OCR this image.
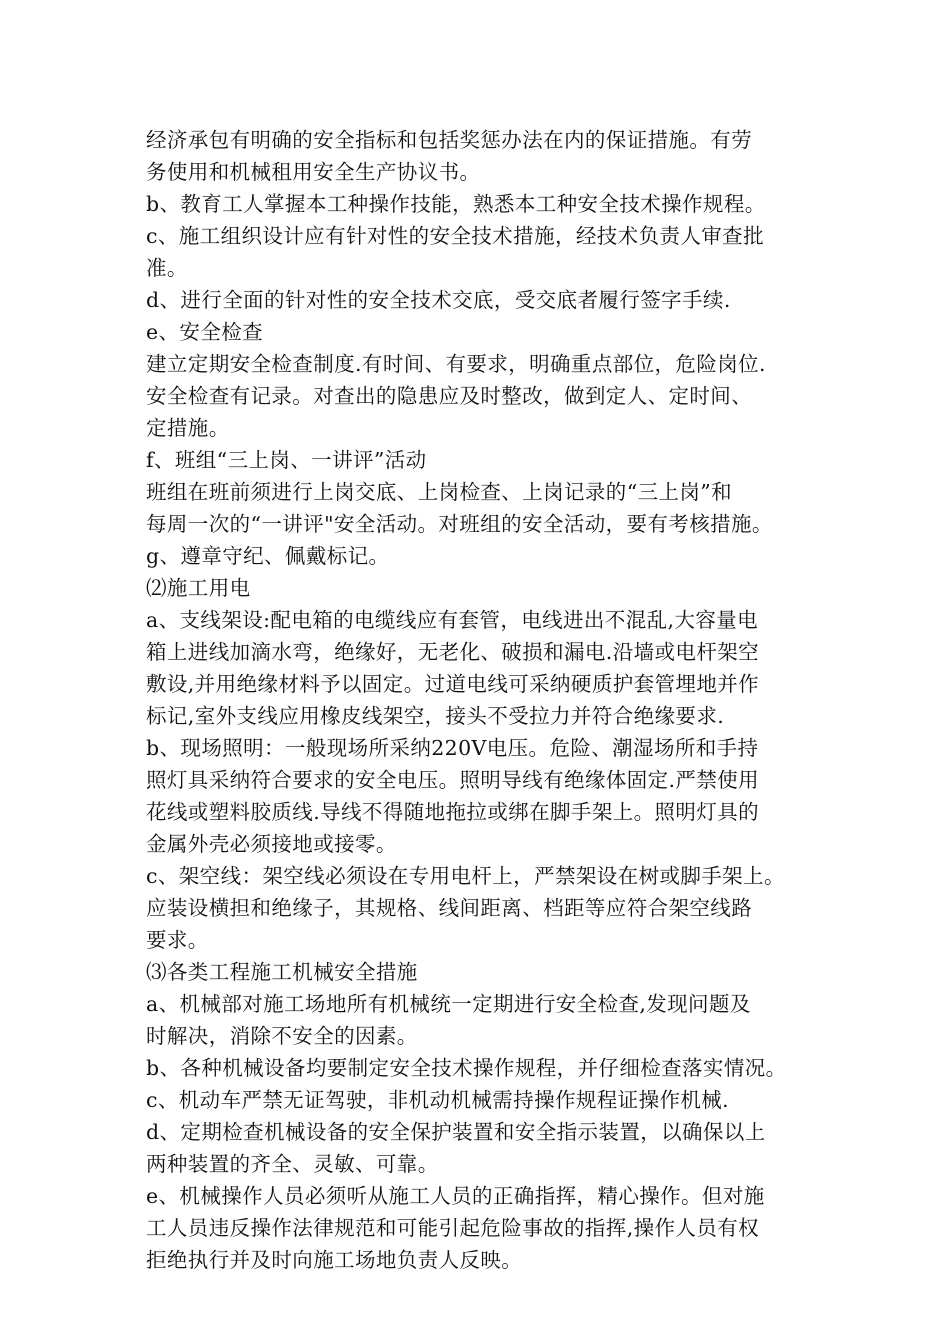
经济承包有明确的安全指标和包括奖惩办法在内的保证措施。有劳
务使用和机械租用安全生产协议书。
b、教育工人掌握本工种操作技能，熟悉本工种安全技术操作规程。
c、施工组织设计应有针对性的安全技术措施，经技术负责人审查批
准。
d、进行全面的针对性的安全技术交底，受交底者履行签字手续.
e、安全检查
建立定期安全检查制度.有时间、有要求，明确重点部位，危险岗位.
安全检查有记录。对查出的隐患应及时整改，做到定人、定时间、
定措施。
f、班组“三上岗、一讲评”活动
班组在班前须进行上岗交底、上岗检查、上岗记录的“三上岗”和
每周一次的“一讲评"安全活动。对班组的安全活动，要有考核措施。
g、遵章守纪、佩戴标记。
⑵施工用电
a、支线架设:配电箱的电缆线应有套管，电线进出不混乱,大容量电
箱上进线加滴水弯，绝缘好，无老化、破损和漏电.沿墙或电杆架空
敷设,并用绝缘材料予以固定。过道电线可采纳硬质护套管埋地并作
标记,室外支线应用橡皮线架空，接头不受拉力并符合绝缘要求.
b、现场照明：一般现场所采纳220V电压。危险、潮湿场所和手持
照灯具采纳符合要求的安全电压。照明导线有绝缘体固定.严禁使用
花线或塑料胶质线.导线不得随地拖拉或绑在脚手架上。照明灯具的
金属外壳必须接地或接零。
c、架空线：架空线必须设在专用电杆上，严禁架设在树或脚手架上。
应装设横担和绝缘子，其规格、线间距离、档距等应符合架空线路
要求。
⑶各类工程施工机械安全措施
a、机械部对施工场地所有机械统一定期进行安全检查,发现问题及
时解决，消除不安全的因素。
b、各种机械设备均要制定安全技术操作规程，并仔细检查落实情况。
c、机动车严禁无证驾驶，非机动机械需持操作规程证操作机械.
d、定期检查机械设备的安全保护装置和安全指示装置，以确保以上
两种装置的齐全、灵敏、可靠。
e、机械操作人员必须听从施工人员的正确指挥，精心操作。但对施
工人员违反操作法律规范和可能引起危险事故的指挥,操作人员有权
拒绝执行并及时向施工场地负责人反映。
